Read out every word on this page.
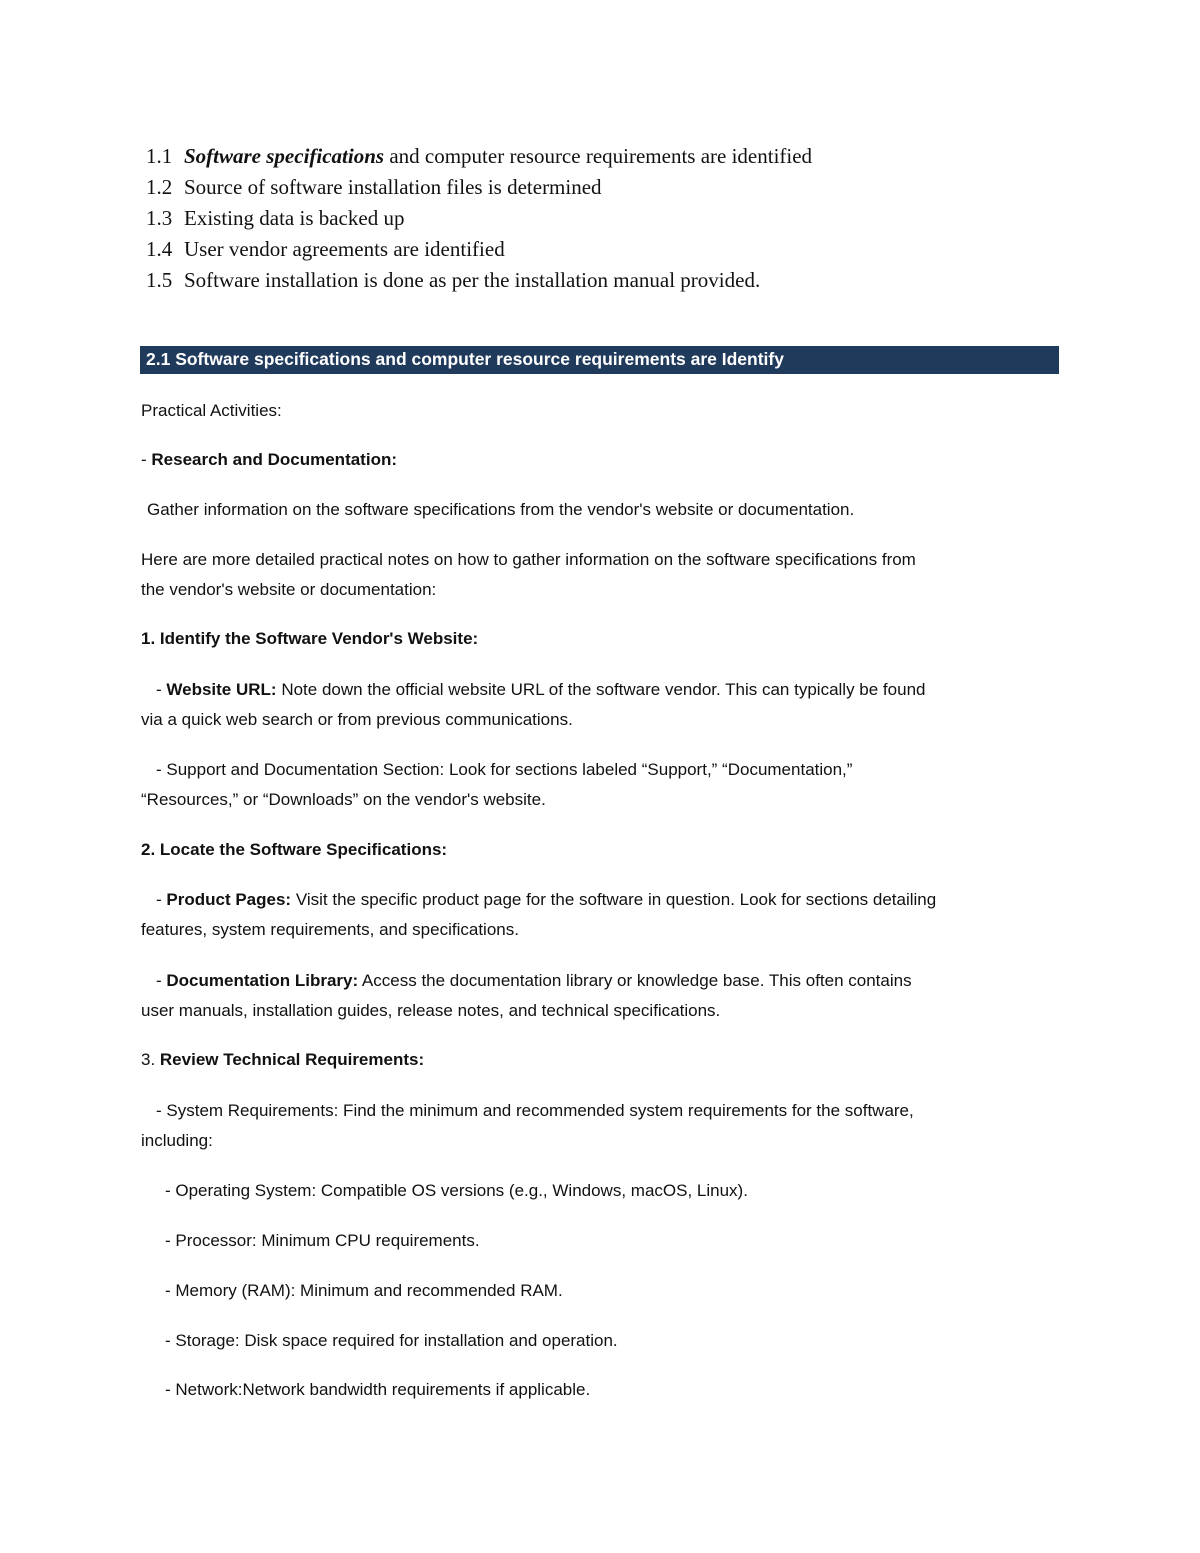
1.1 Software specifications and computer resource requirements are identified
1.2 Source of software installation files is determined
1.3 Existing data is backed up
1.4 User vendor agreements are identified
1.5 Software installation is done as per the installation manual provided.
2.1 Software specifications and computer resource requirements are Identify
Practical Activities:
- Research and Documentation:
Gather information on the software specifications from the vendor's website or documentation.
Here are more detailed practical notes on how to gather information on the software specifications from
the vendor's website or documentation:
1. Identify the Software Vendor's Website:
- Website URL: Note down the official website URL of the software vendor. This can typically be found
via a quick web search or from previous communications.
- Support and Documentation Section: Look for sections labeled “Support,” “Documentation,”
“Resources,” or “Downloads” on the vendor's website.
2. Locate the Software Specifications:
- Product Pages: Visit the specific product page for the software in question. Look for sections detailing
features, system requirements, and specifications.
- Documentation Library: Access the documentation library or knowledge base. This often contains
user manuals, installation guides, release notes, and technical specifications.
3. Review Technical Requirements:
- System Requirements: Find the minimum and recommended system requirements for the software,
including:
- Operating System: Compatible OS versions (e.g., Windows, macOS, Linux).
- Processor: Minimum CPU requirements.
- Memory (RAM): Minimum and recommended RAM.
- Storage: Disk space required for installation and operation.
- Network:Network bandwidth requirements if applicable.
